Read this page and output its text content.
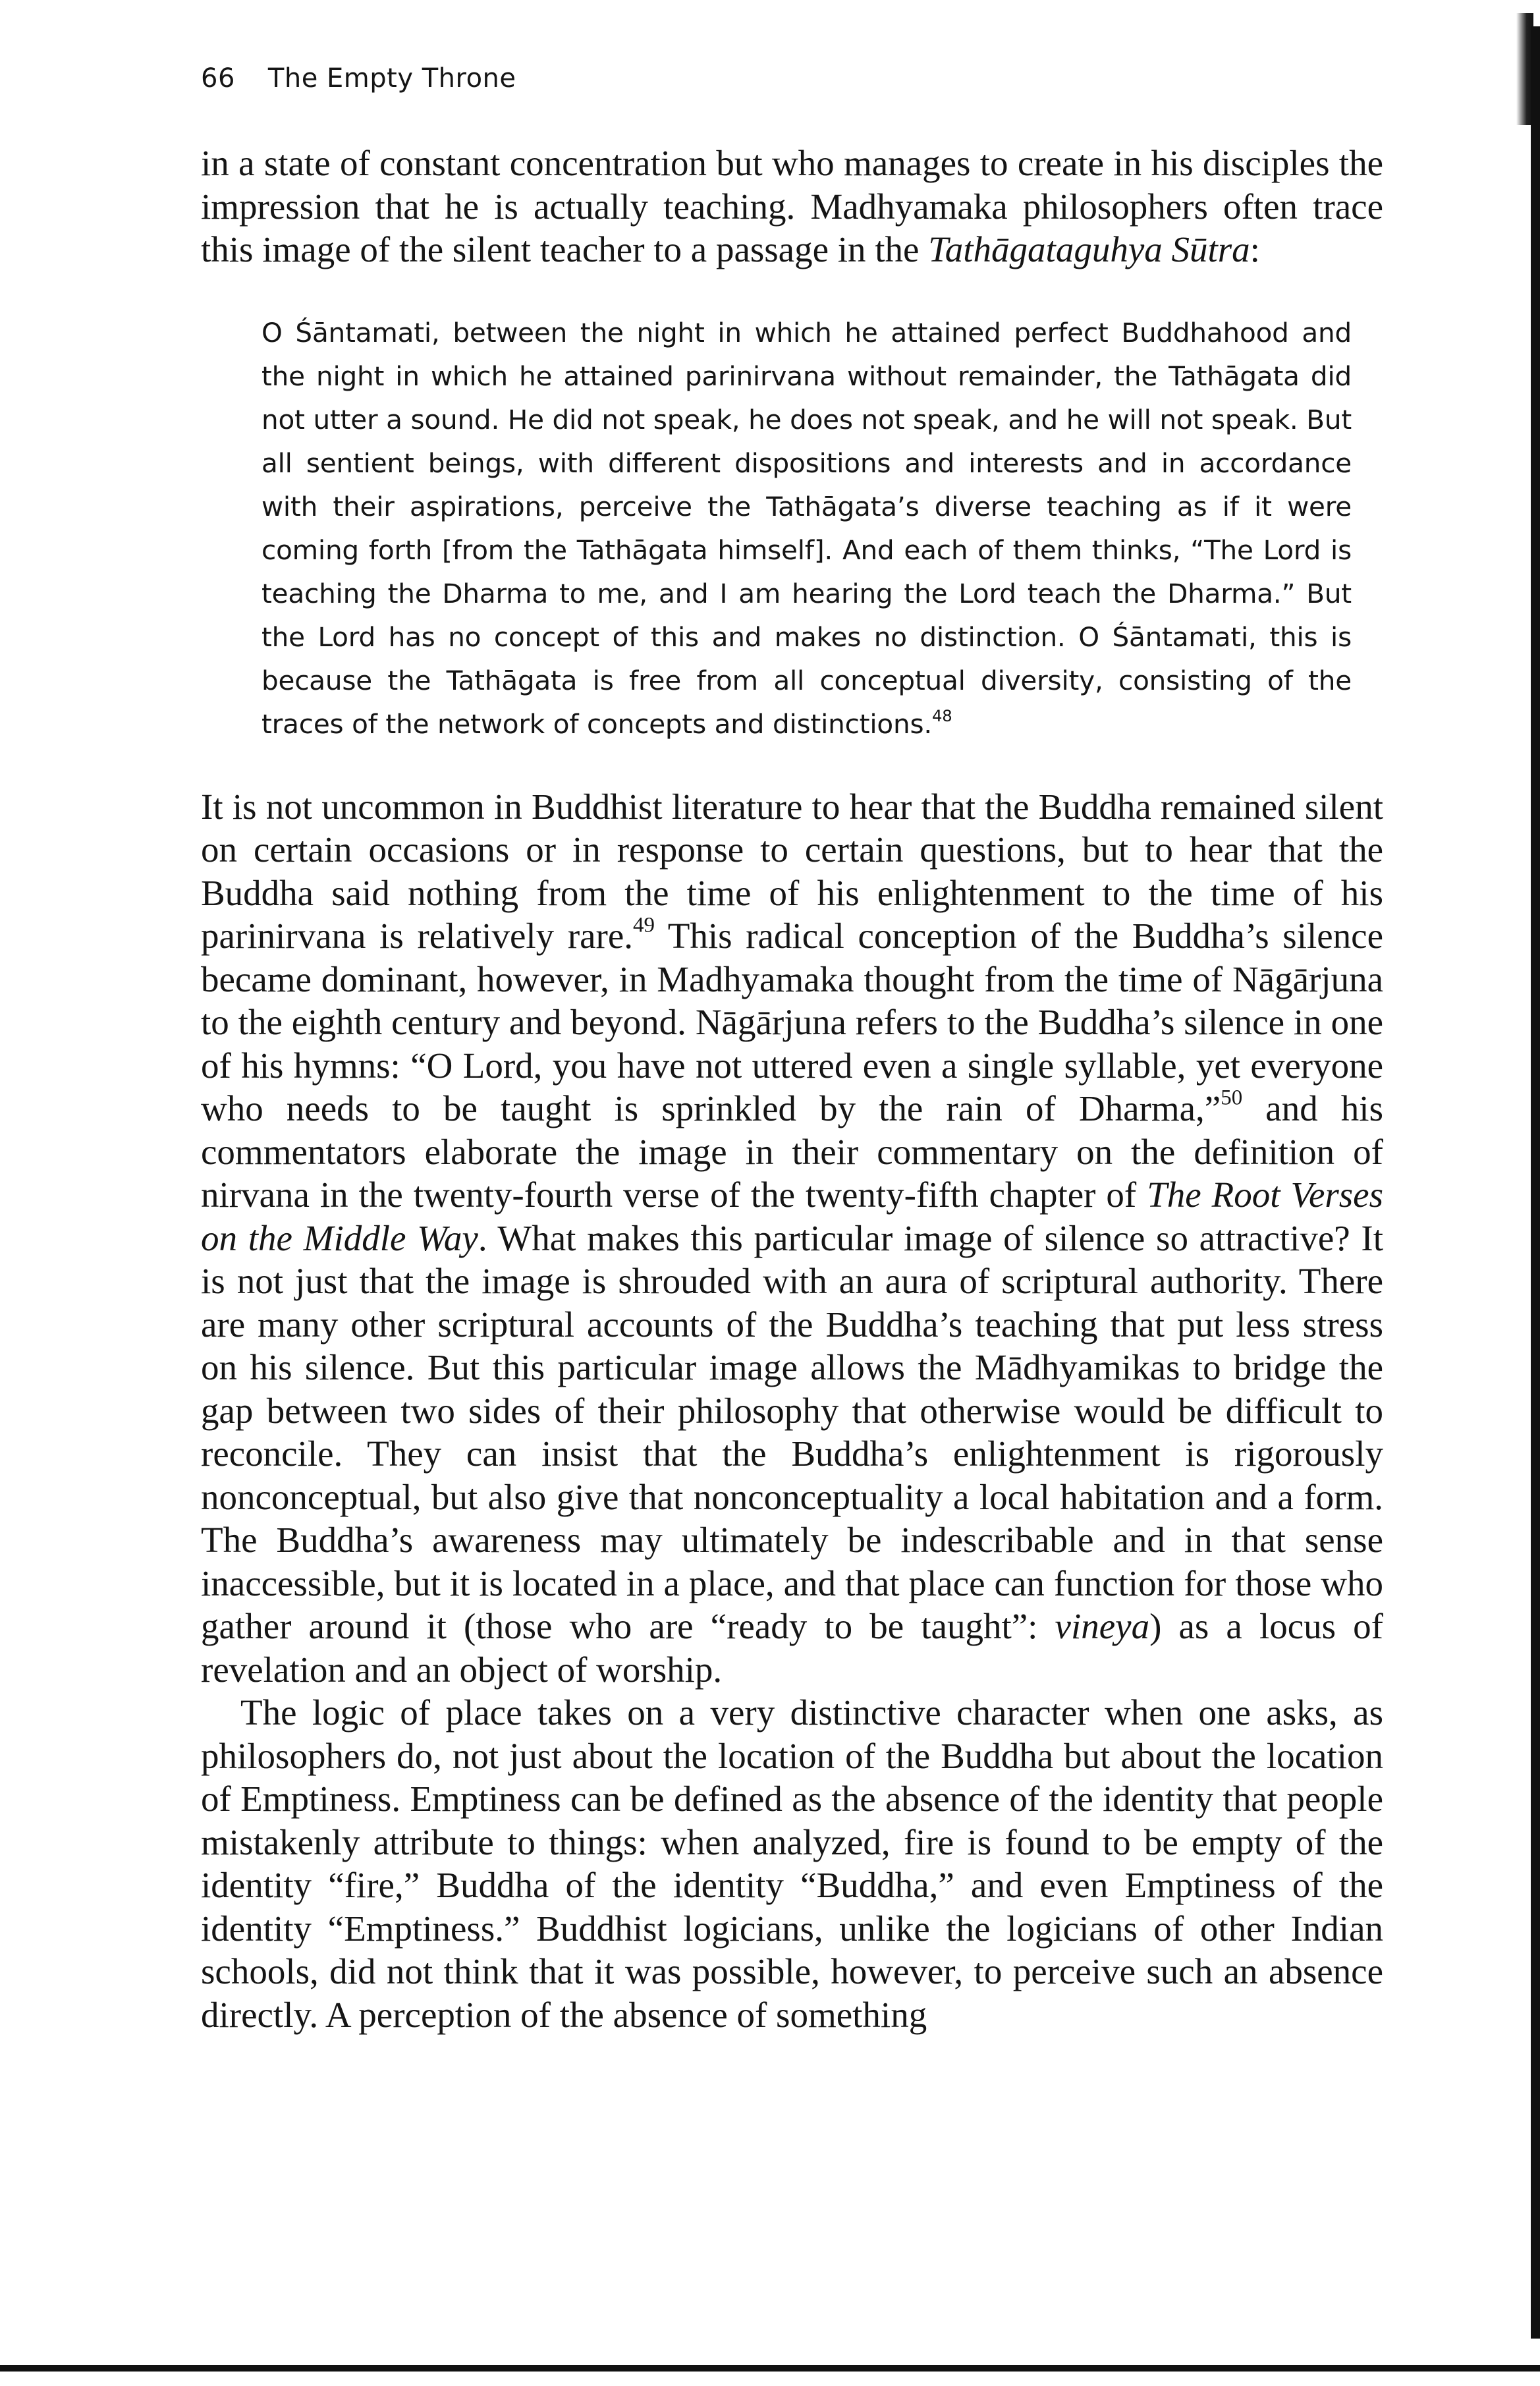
66 The Empty Throne

in a state of constant concentration but who manages to create in his disciples the impression that he is actually teaching. Madhyamaka philosophers often trace this image of the silent teacher to a passage in the Tathāgataguhya Sūtra:

O Śāntamati, between the night in which he attained perfect Buddhahood and the night in which he attained parinirvana without remainder, the Tathāgata did not utter a sound. He did not speak, he does not speak, and he will not speak. But all sentient beings, with different dispositions and interests and in accordance with their aspirations, perceive the Tathāgata’s diverse teaching as if it were coming forth [from the Tathāgata himself]. And each of them thinks, “The Lord is teaching the Dharma to me, and I am hearing the Lord teach the Dharma.” But the Lord has no concept of this and makes no distinction. O Śāntamati, this is because the Tathāgata is free from all conceptual diversity, consisting of the traces of the network of concepts and distinctions.$^{48}$

It is not uncommon in Buddhist literature to hear that the Buddha remained silent on certain occasions or in response to certain questions, but to hear that the Buddha said nothing from the time of his enlightenment to the time of his parinirvana is relatively rare.$^{49}$ This radical conception of the Buddha’s silence became dominant, however, in Madhyamaka thought from the time of Nāgārjuna to the eighth century and beyond. Nāgārjuna refers to the Buddha’s silence in one of his hymns: “O Lord, you have not uttered even a single syllable, yet everyone who needs to be taught is sprinkled by the rain of Dharma,”$^{50}$ and his commentators elaborate the image in their commentary on the definition of nirvana in the twenty-fourth verse of the twenty-fifth chapter of The Root Verses on the Middle Way. What makes this particular image of silence so attractive? It is not just that the image is shrouded with an aura of scriptural authority. There are many other scriptural accounts of the Buddha’s teaching that put less stress on his silence. But this particular image allows the Mādhyamikas to bridge the gap between two sides of their philosophy that otherwise would be difficult to reconcile. They can insist that the Buddha’s enlightenment is rigorously nonconceptual, but also give that nonconceptuality a local habitation and a form. The Buddha’s awareness may ultimately be indescribable and in that sense inaccessible, but it is located in a place, and that place can function for those who gather around it (those who are “ready to be taught”: vineya) as a locus of revelation and an object of worship.

The logic of place takes on a very distinctive character when one asks, as philosophers do, not just about the location of the Buddha but about the location of Emptiness. Emptiness can be defined as the absence of the identity that people mistakenly attribute to things: when analyzed, fire is found to be empty of the identity “fire,” Buddha of the identity “Buddha,” and even Emptiness of the identity “Emptiness.” Buddhist logicians, unlike the logicians of other Indian schools, did not think that it was possible, however, to perceive such an absence directly. A perception of the absence of something
